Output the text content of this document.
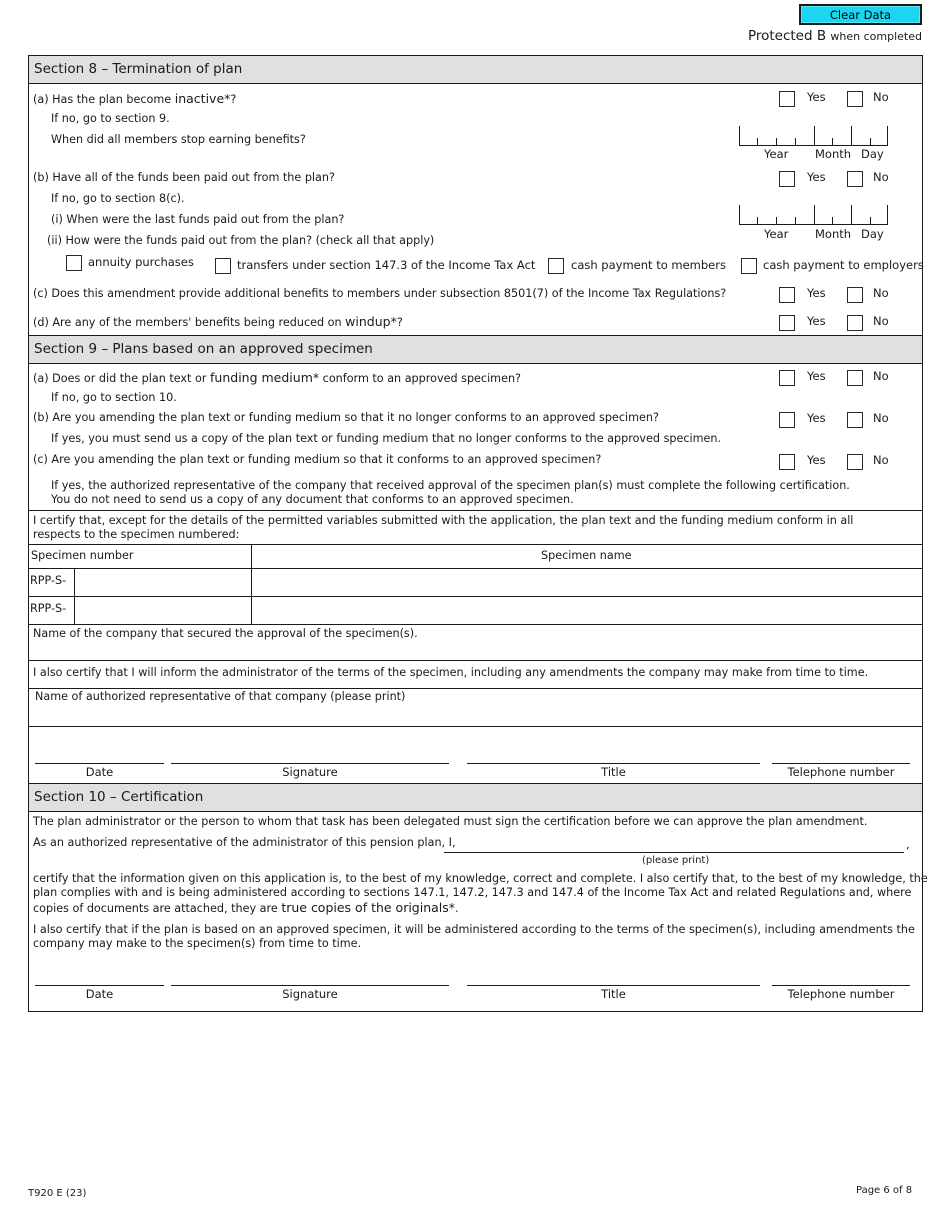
Clear Data
Protected B when completed
Section 8 – Termination of plan
(a) Has the plan become inactive*?	Yes	No
If no, go to section 9.
When did all members stop earning benefits?
Year Month Day
(b) Have all of the funds been paid out from the plan?	Yes	No
If no, go to section 8(c).
(i) When were the last funds paid out from the plan?
Year Month Day
(ii) How were the funds paid out from the plan? (check all that apply)
annuity purchases	transfers under section 147.3 of the Income Tax Act	cash payment to members	cash payment to employers
(c) Does this amendment provide additional benefits to members under subsection 8501(7) of the Income Tax Regulations?	Yes	No
(d) Are any of the members' benefits being reduced on windup*?	Yes	No
Section 9 – Plans based on an approved specimen
(a) Does or did the plan text or funding medium* conform to an approved specimen?	Yes	No
If no, go to section 10.
(b) Are you amending the plan text or funding medium so that it no longer conforms to an approved specimen?	Yes	No
If yes, you must send us a copy of the plan text or funding medium that no longer conforms to the approved specimen.
(c) Are you amending the plan text or funding medium so that it conforms to an approved specimen?	Yes	No
If yes, the authorized representative of the company that received approval of the specimen plan(s) must complete the following certification.
You do not need to send us a copy of any document that conforms to an approved specimen.
I certify that, except for the details of the permitted variables submitted with the application, the plan text and the funding medium conform in all
respects to the specimen numbered:
Specimen number	Specimen name
RPP-S-
RPP-S-
Name of the company that secured the approval of the specimen(s).
I also certify that I will inform the administrator of the terms of the specimen, including any amendments the company may make from time to time.
Name of authorized representative of that company (please print)
Date	Signature	Title	Telephone number
Section 10 – Certification
The plan administrator or the person to whom that task has been delegated must sign the certification before we can approve the plan amendment.
As an authorized representative of the administrator of this pension plan, I,	,
(please print)
certify that the information given on this application is, to the best of my knowledge, correct and complete. I also certify that, to the best of my knowledge, the
plan complies with and is being administered according to sections 147.1, 147.2, 147.3 and 147.4 of the Income Tax Act and related Regulations and, where
copies of documents are attached, they are true copies of the originals*.
I also certify that if the plan is based on an approved specimen, it will be administered according to the terms of the specimen(s), including amendments the
company may make to the specimen(s) from time to time.
Date	Signature	Title	Telephone number
T920 E (23)	Page 6 of 8
